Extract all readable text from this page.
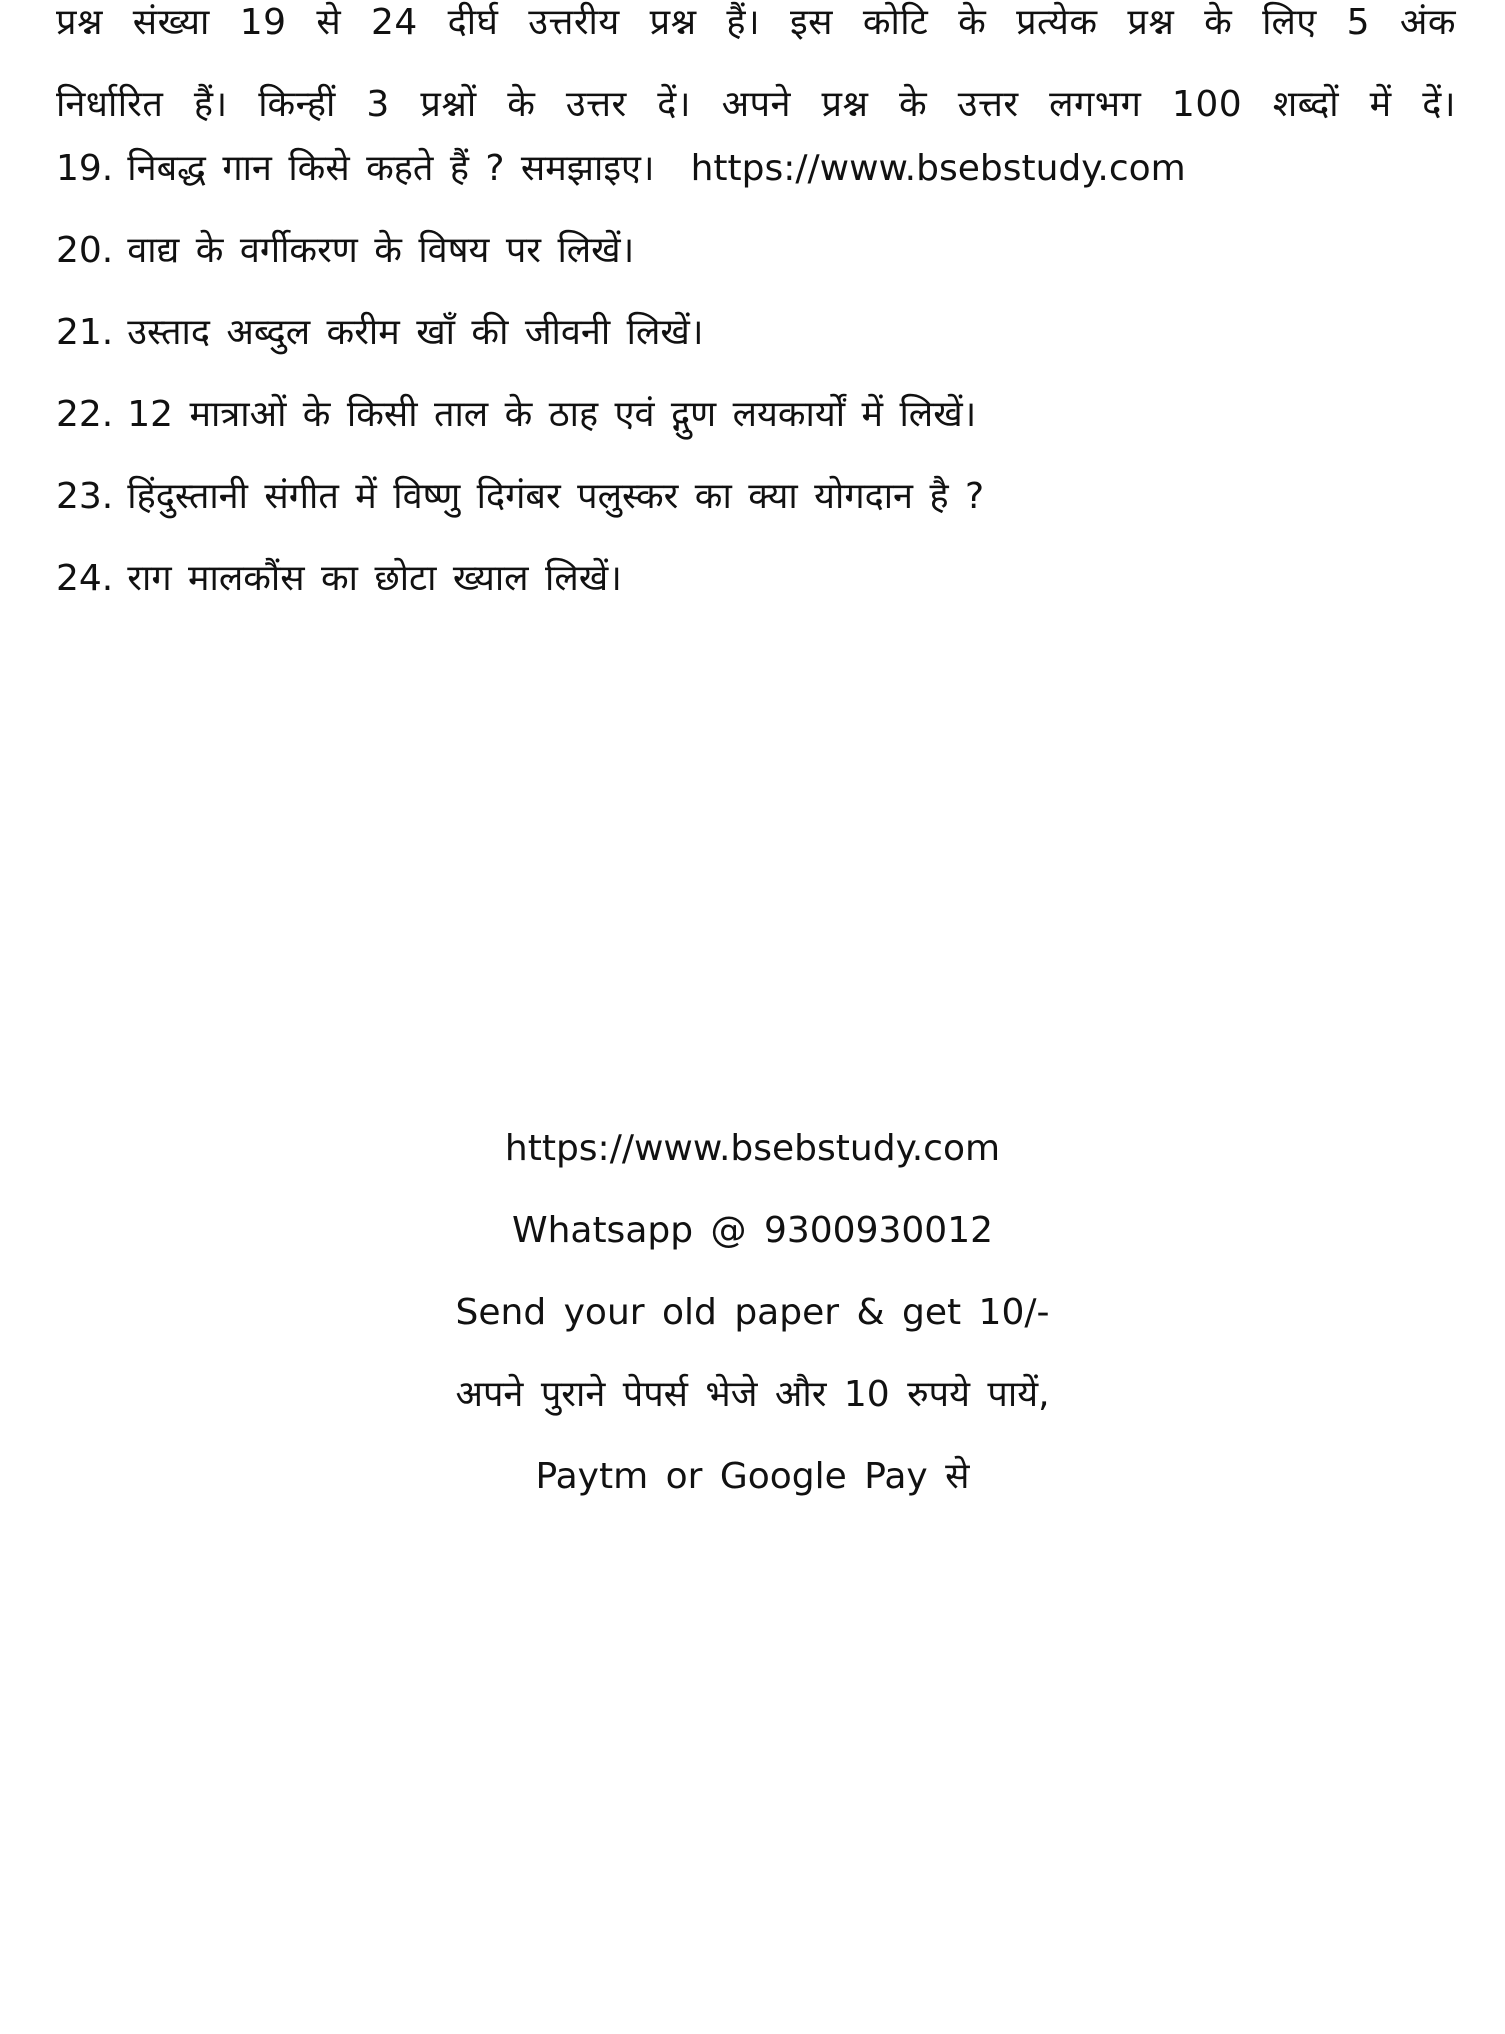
प्रश्न संख्या 19 से 24 दीर्घ उत्तरीय प्रश्न हैं। इस कोटि के प्रत्येक प्रश्न के लिए 5 अंक
निर्धारित हैं। किन्हीं 3 प्रश्नों के उत्तर दें। अपने प्रश्न के उत्तर लगभग 100 शब्दों में दें।
19. निबद्ध गान किसे कहते हैं ? समझाइए। https://www.bsebstudy.com
20. वाद्य के वर्गीकरण के विषय पर लिखें।
21. उस्ताद अब्दुल करीम खाँ की जीवनी लिखें।
22. 12 मात्राओं के किसी ताल के ठाह एवं द्गुण लयकार्यों में लिखें।
23. हिंदुस्तानी संगीत में विष्णु दिगंबर पलुस्कर का क्या योगदान है ?
24. राग मालकौंस का छोटा ख्याल लिखें।
https://www.bsebstudy.com
Whatsapp @ 9300930012
Send your old paper & get 10/-
अपने पुराने पेपर्स भेजे और 10 रुपये पायें,
Paytm or Google Pay से
